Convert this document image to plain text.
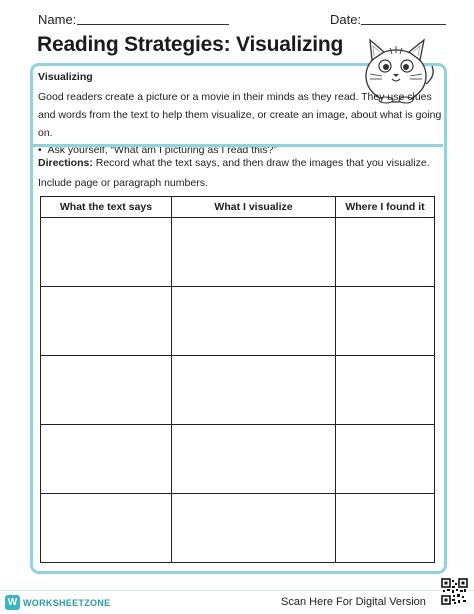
Name:	Date:
Reading Strategies: Visualizing
Visualizing
Good readers create a picture or a movie in their minds as they read. They use clues and words from the text to help them visualize, or create an image, about what is going on.
•  Ask yourself, “What am I picturing as I read this?”
Directions: Record what the text says, and then draw the images that you visualize. Include page or paragraph numbers.
What the text says	What I visualize	Where I found it

W WORKSHEETZONE	Scan Here For Digital Version
